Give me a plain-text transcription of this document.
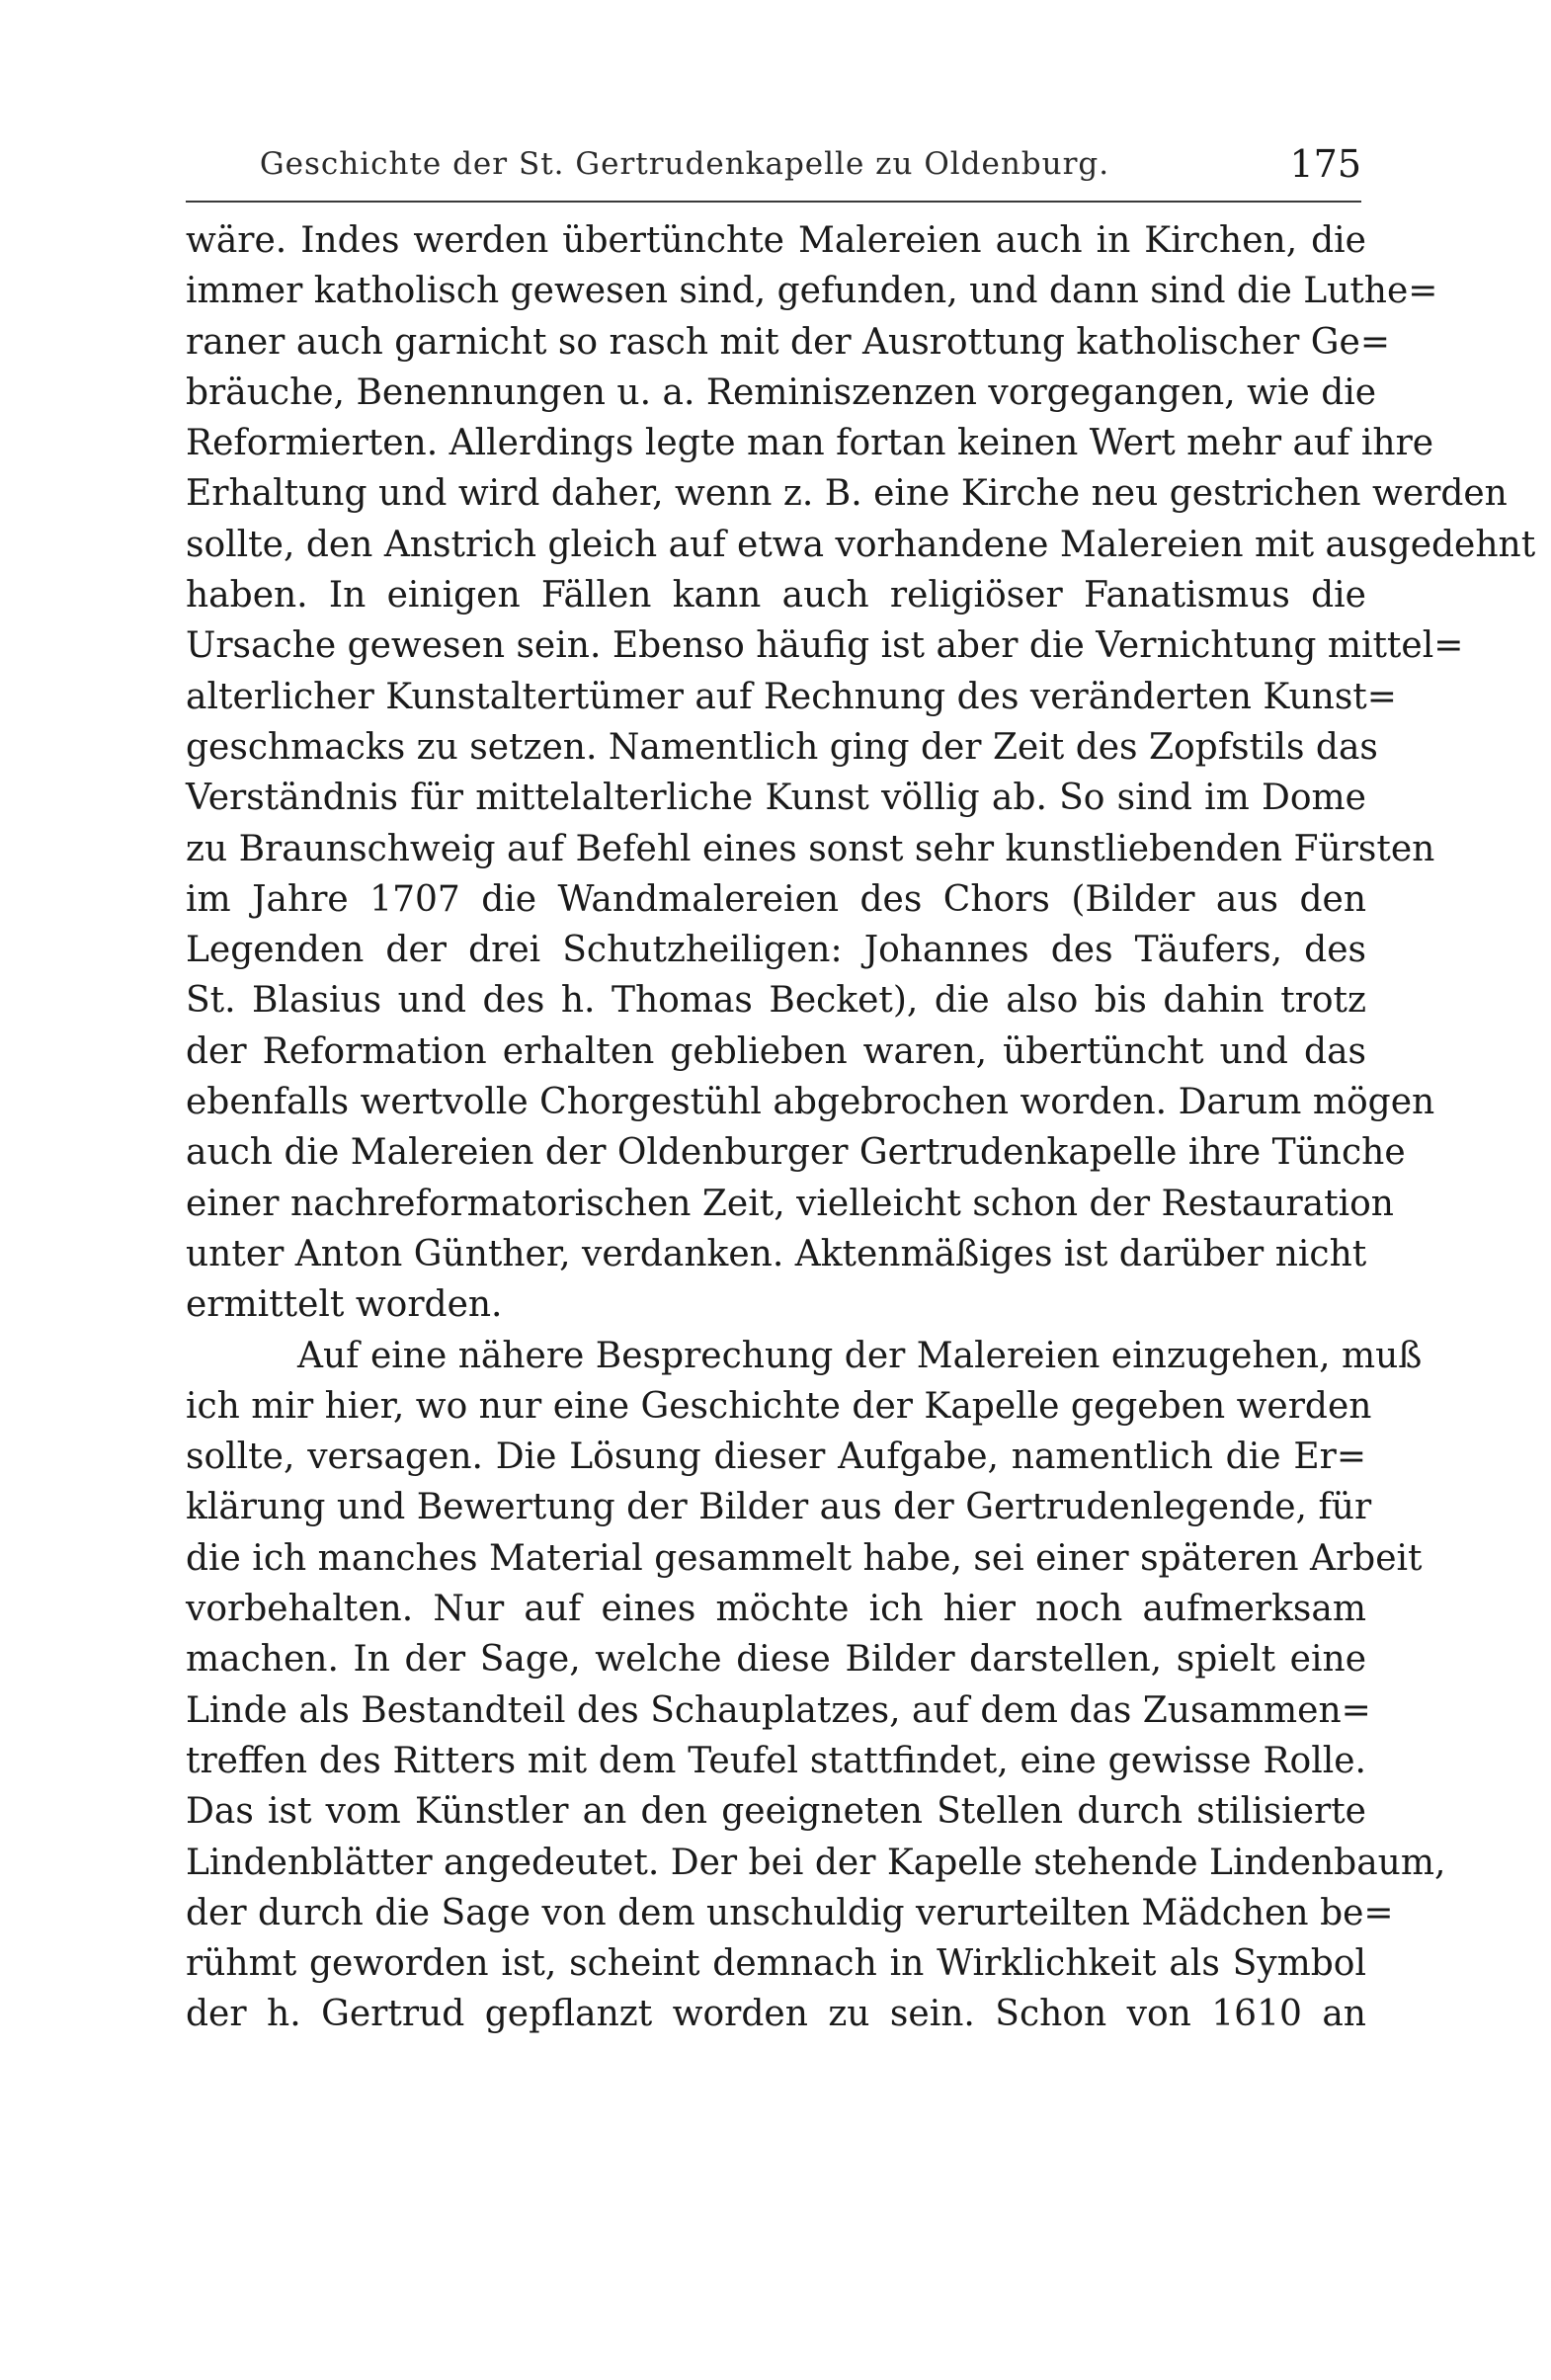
Geschichte der St. Gertrudenkapelle zu Oldenburg.	175
wäre. Indes werden übertünchte Malereien auch in Kirchen, die
immer katholisch gewesen sind, gefunden, und dann sind die Luthe=
raner auch garnicht so rasch mit der Ausrottung katholischer Ge=
bräuche, Benennungen u. a. Reminiszenzen vorgegangen, wie die
Reformierten. Allerdings legte man fortan keinen Wert mehr auf ihre
Erhaltung und wird daher, wenn z. B. eine Kirche neu gestrichen werden
sollte, den Anstrich gleich auf etwa vorhandene Malereien mit ausgedehnt
haben. In einigen Fällen kann auch religiöser Fanatismus die
Ursache gewesen sein. Ebenso häufig ist aber die Vernichtung mittel=
alterlicher Kunstaltertümer auf Rechnung des veränderten Kunst=
geschmacks zu setzen. Namentlich ging der Zeit des Zopfstils das
Verständnis für mittelalterliche Kunst völlig ab. So sind im Dome
zu Braunschweig auf Befehl eines sonst sehr kunstliebenden Fürsten
im Jahre 1707 die Wandmalereien des Chors (Bilder aus den
Legenden der drei Schutzheiligen: Johannes des Täufers, des
St. Blasius und des h. Thomas Becket), die also bis dahin trotz
der Reformation erhalten geblieben waren, übertüncht und das
ebenfalls wertvolle Chorgestühl abgebrochen worden. Darum mögen
auch die Malereien der Oldenburger Gertrudenkapelle ihre Tünche
einer nachreformatorischen Zeit, vielleicht schon der Restauration
unter Anton Günther, verdanken. Aktenmäßiges ist darüber nicht
ermittelt worden.
Auf eine nähere Besprechung der Malereien einzugehen, muß
ich mir hier, wo nur eine Geschichte der Kapelle gegeben werden
sollte, versagen. Die Lösung dieser Aufgabe, namentlich die Er=
klärung und Bewertung der Bilder aus der Gertrudenlegende, für
die ich manches Material gesammelt habe, sei einer späteren Arbeit
vorbehalten. Nur auf eines möchte ich hier noch aufmerksam
machen. In der Sage, welche diese Bilder darstellen, spielt eine
Linde als Bestandteil des Schauplatzes, auf dem das Zusammen=
treffen des Ritters mit dem Teufel stattfindet, eine gewisse Rolle.
Das ist vom Künstler an den geeigneten Stellen durch stilisierte
Lindenblätter angedeutet. Der bei der Kapelle stehende Lindenbaum,
der durch die Sage von dem unschuldig verurteilten Mädchen be=
rühmt geworden ist, scheint demnach in Wirklichkeit als Symbol
der h. Gertrud gepflanzt worden zu sein. Schon von 1610 an
